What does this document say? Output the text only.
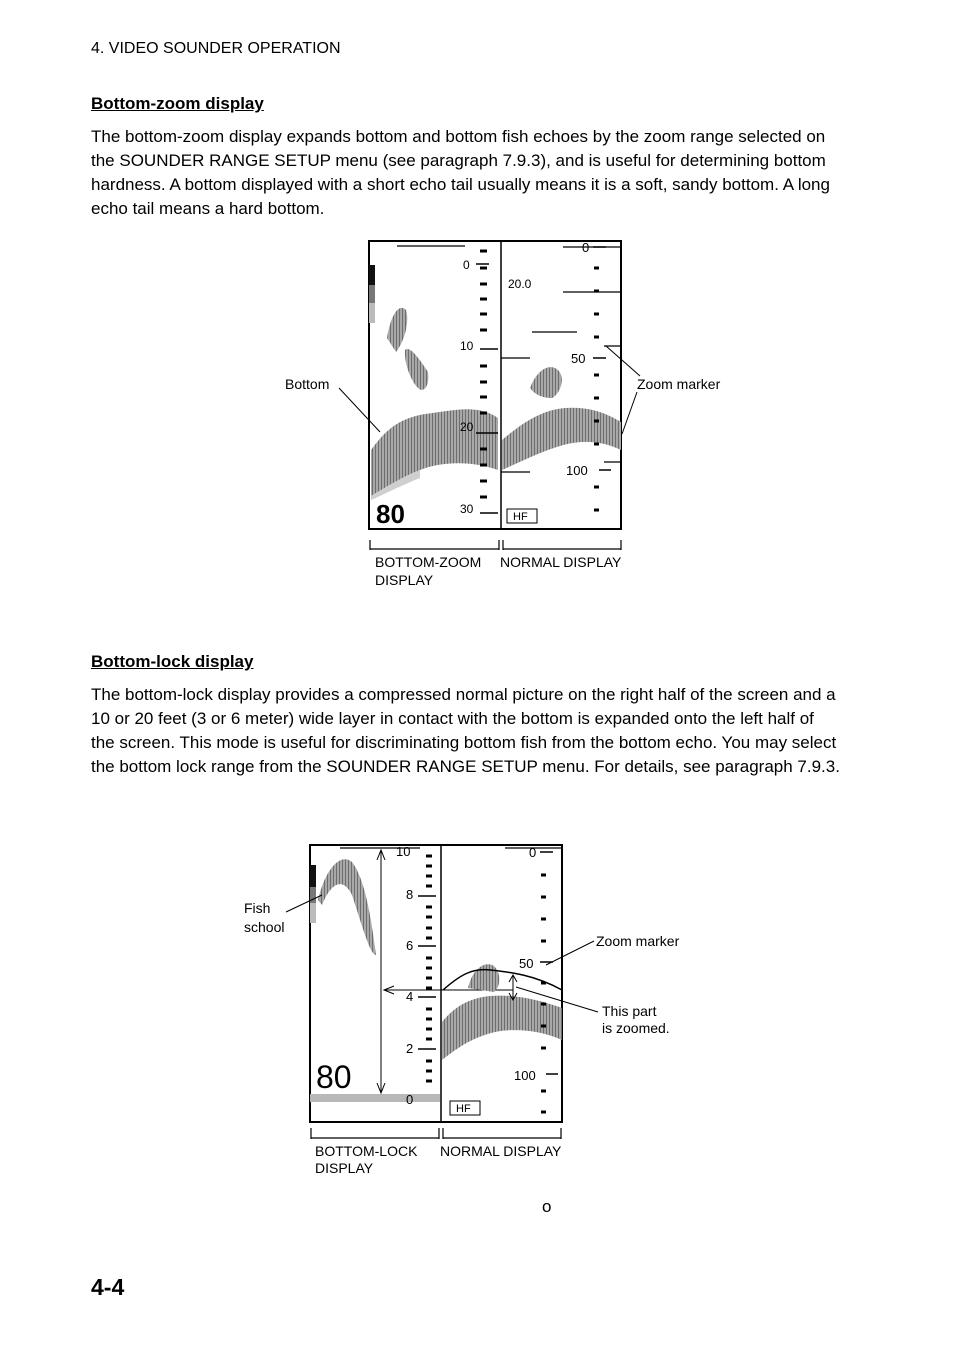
4. VIDEO SOUNDER OPERATION
Bottom-zoom display
The bottom-zoom display expands bottom and bottom fish echoes by the zoom range selected on the SOUNDER RANGE SETUP menu (see paragraph 7.9.3), and is useful for determining bottom hardness. A bottom displayed with a short echo tail usually means it is a soft, sandy bottom. A long echo tail means a hard bottom.
0
10
20
30
80
20.0
0
50
100
HF
Bottom	Zoom marker
BOTTOM-ZOOM
DISPLAY
NORMAL DISPLAY
Bottom-lock display
The bottom-lock display provides a compressed normal picture on the right half of the screen and a 10 or 20 feet (3 or 6 meter) wide layer in contact with the bottom is expanded onto the left half of the screen. This mode is useful for discriminating bottom fish from the bottom echo. You may select the bottom lock range from the SOUNDER RANGE SETUP menu. For details, see paragraph 7.9.3.
10
8
6
4
2
0
80
0
50
100
HF
Fish
school
Zoom marker
This part
is zoomed.
BOTTOM-LOCK
DISPLAY
NORMAL DISPLAY
o
4-4
